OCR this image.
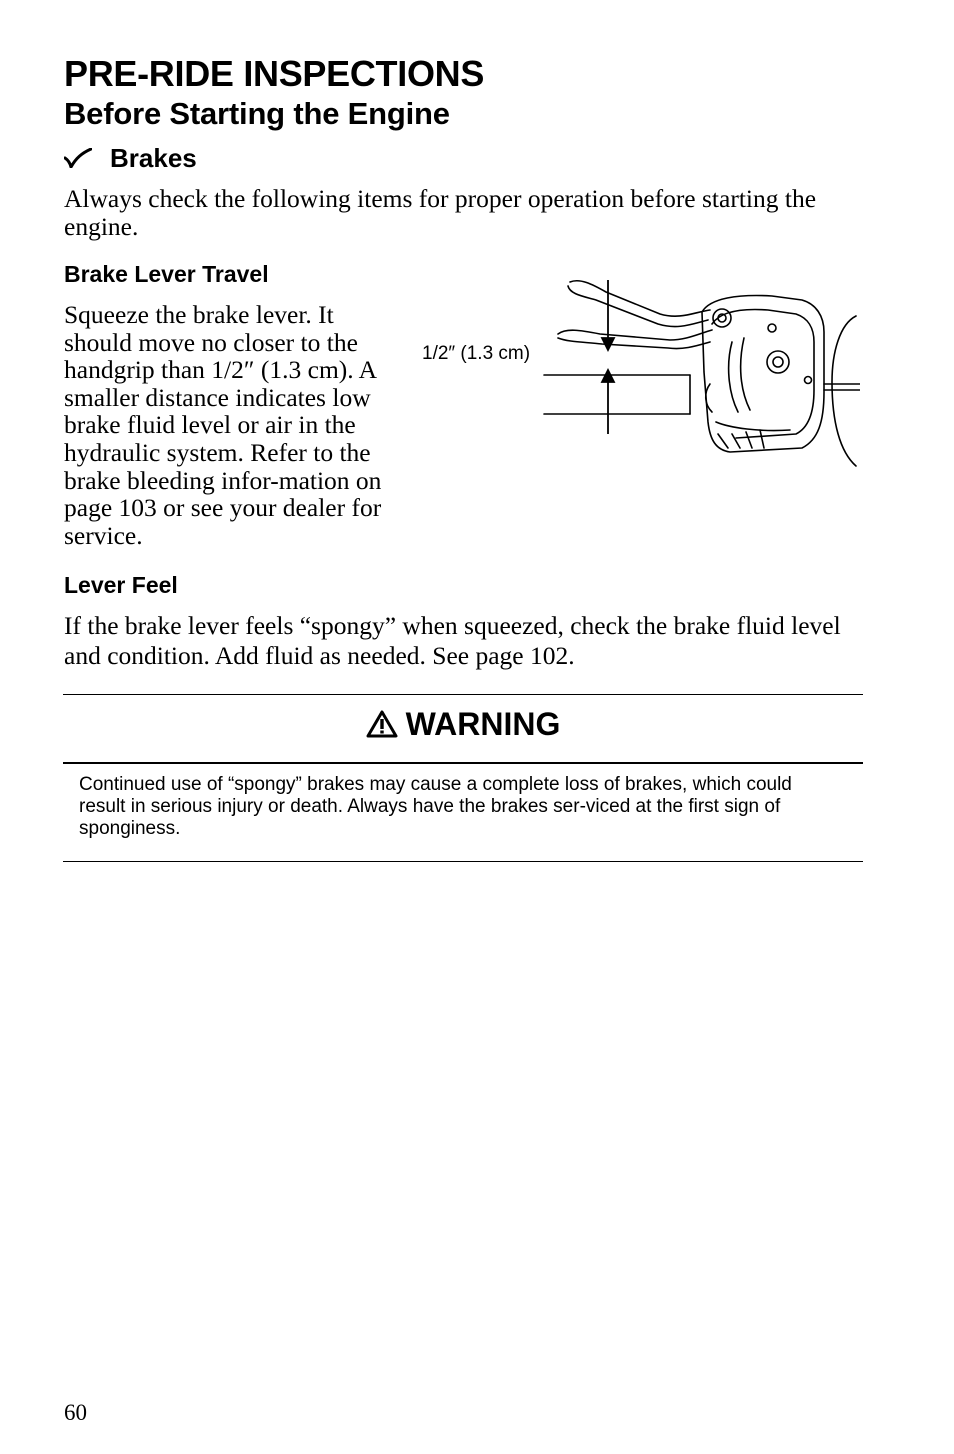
PRE-RIDE INSPECTIONS
Before Starting the Engine
Brakes

Always check the following items for proper operation before starting the engine.

Brake Lever Travel

Squeeze the brake lever. It should move no closer to the handgrip than 1/2″ (1.3 cm). A smaller distance indicates low brake fluid level or air in the hydraulic system. Refer to the brake bleeding infor-mation on page 103 or see your dealer for service.

1/2″ (1.3 cm)

Lever Feel

If the brake lever feels “spongy” when squeezed, check the brake fluid level and condition. Add fluid as needed. See page 102.

WARNING

Continued use of “spongy” brakes may cause a complete loss of brakes, which could result in serious injury or death. Always have the brakes ser-viced at the first sign of sponginess.

60
